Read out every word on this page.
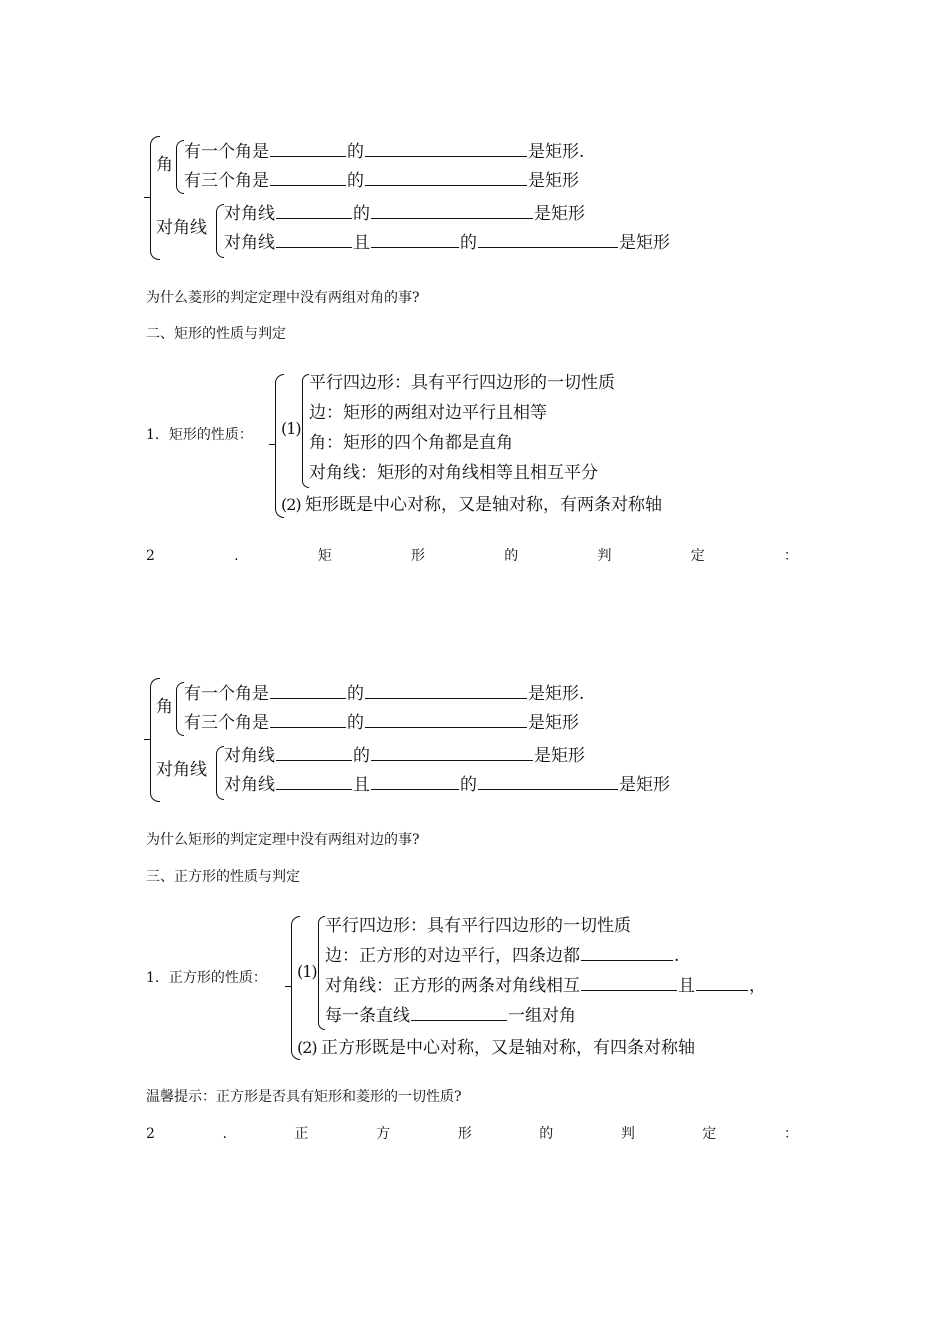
角
有一个角是	的	是矩形.
有三个角是	的	是矩形
对角线
对角线	的	是矩形
对角线	且	的	是矩形
为什么菱形的判定定理中没有两组对角的事?
二、矩形的性质与判定
1．矩形的性质： (1)
平行四边形：具有平行四边形的一切性质
边：矩形的两组对边平行且相等
角：矩形的四个角都是直角
对角线：矩形的对角线相等且相互平分
(2) 矩形既是中心对称，又是轴对称，有两条对称轴
2	.	矩	形	的	判	定	：
角
有一个角是	的	是矩形.
有三个角是	的	是矩形
对角线
对角线	的	是矩形
对角线	且	的	是矩形
为什么矩形的判定定理中没有两组对边的事?
三、正方形的性质与判定
1．正方形的性质： (1)
平行四边形：具有平行四边形的一切性质
边：正方形的对边平行，四条边都	.
对角线：正方形的两条对角线相互	且	，
每一条直线	一组对角
(2) 正方形既是中心对称，又是轴对称，有四条对称轴
温馨提示：正方形是否具有矩形和菱形的一切性质?
2	.	正	方	形	的	判	定	：
